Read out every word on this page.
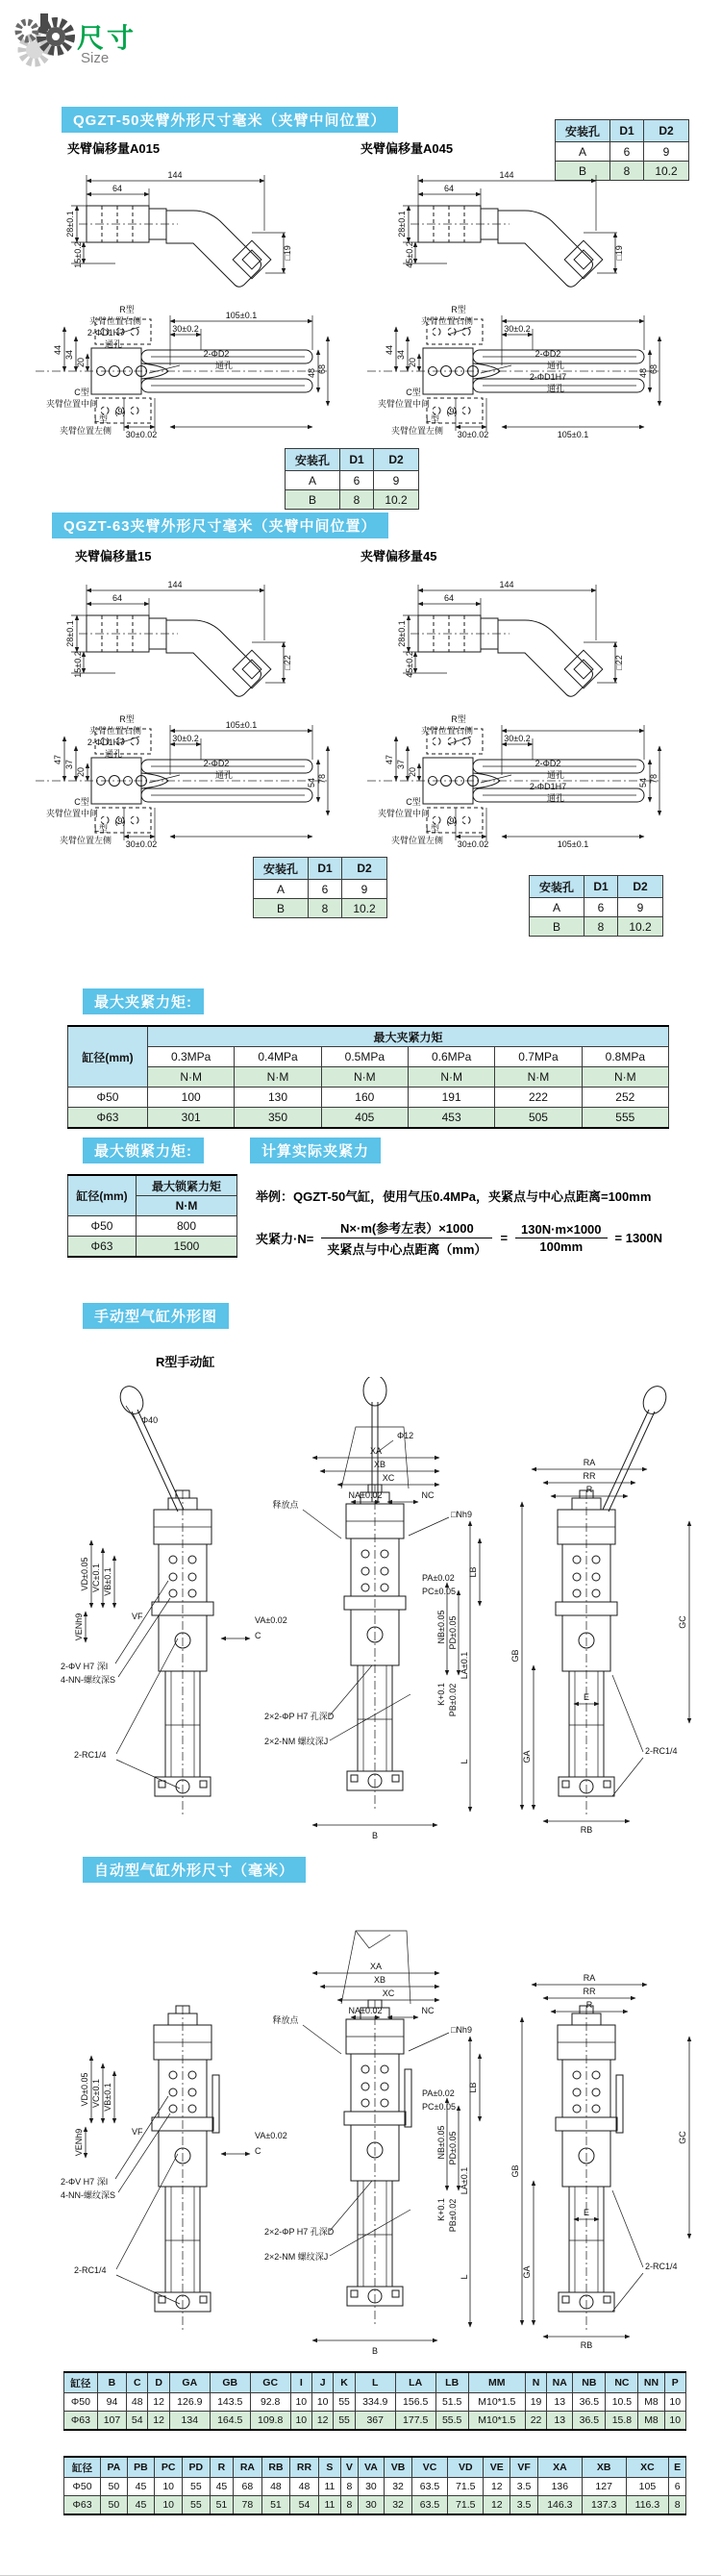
尺寸
Size
QGZT-50夹臂外形尺寸毫米（夹臂中间位置）
安装孔	D1	D2
A	6	9
B	8	10.2
夹臂偏移量A015	夹臂偏移量A045
144
64
28±0.1
15±0.2	□19
R型
夹臂位置右侧
2-ΦD1H7
通孔
105±0.1
30±0.2
44 34
20
2-ΦD2
通孔
C型
夹臂位置中间
(9)
L型
夹臂位置左侧 30±0.02
48 68
144
64
28±0.1
45±0.2	□19
R型
夹臂位置右侧
30±0.2
44 34
20
2-ΦD2
通孔
2-ΦD1H7
通孔
C型
夹臂位置中间
(9)
L型
夹臂位置左侧 30±0.02	105±0.1
48 68
安装孔	D1	D2
A	6	9
B	8	10.2
QGZT-63夹臂外形尺寸毫米（夹臂中间位置）
夹臂偏移量15	夹臂偏移量45
144
64
28±0.1
15±0.2	□22
R型
夹臂位置右侧
2-ΦD1H7
通孔
105±0.1
30±0.2
47 37
20
2-ΦD2
通孔
C型
夹臂位置中间
(9)
L型
夹臂位置左侧 30±0.02
54 78
144
64
28±0.1
45±0.2	□22
R型
夹臂位置右侧
30±0.2
47 37
20
2-ΦD2
通孔
2-ΦD1H7
通孔
C型
夹臂位置中间
(9)
L型
夹臂位置左侧 30±0.02	105±0.1
54 78
安装孔	D1	D2
A	6	9
B	8	10.2
安装孔	D1	D2
A	6	9
B	8	10.2
最大夹紧力矩:
缸径(mm)	最大夹紧力矩					
	0.3MPa	0.4MPa	0.5MPa	0.6MPa	0.7MPa	0.8MPa
	N·M	N·M	N·M	N·M	N·M	N·M
Φ50	100	130	160	191	222	252
Φ63	301	350	405	453	505	555
最大锁紧力矩:	计算实际夹紧力
缸径(mm)	最大锁紧力矩
	N·M
Φ50	800
Φ63	1500
举例：QGZT-50气缸，使用气压0.4MPa，夹紧点与中心点距离=100mm
夹紧力$\cdot N= \frac{\text{N×·m(参考左表）×1000}}{\text{夹紧点与中心点距离（mm）}} = \frac{130N\cdot m\times 1000}{100mm} = 1300N$
手动型气缸外形图
R型手动缸
Φ40
Φ12
XA
XB
XC
NA±0.02	NC
□Nh9
释放点
RA
RR
R
LB
VD±0.05 VC±0.1 VB±0.1
VENh9	VF	VA±0.02
C
2-ΦV H7 深I
4-NN-螺纹深S
2-RC1/4
2×2-ΦP H7 孔深D
2×2-NM 螺纹深J
PA±0.02
PC±0.05
NB±0.05 PD±0.05
K+0.1 PB±0.02
LA±0.1
L
B
GB
GC
GA
E
RB
2-RC1/4
自动型气缸外形尺寸（毫米）
XA
XB
XC
NA±0.02	NC
□Nh9
释放点
RA
RR
R
LB
VD±0.05 VC±0.1 VB±0.1
VENh9	VF	VA±0.02
C
2-ΦV H7 深I
4-NN-螺纹深S
2-RC1/4
2×2-ΦP H7 孔深D
2×2-NM 螺纹深J
PA±0.02
PC±0.05
NB±0.05 PD±0.05
K+0.1 PB±0.02
LA±0.1
L
B
GB
GC
GA
E
RB
2-RC1/4
缸径	B	C	D	GA	GB	GC	I	J	K	L	LA	LB	MM	N	NA	NB	NC	NN	P
Φ50	94	48	12	126.9	143.5	92.8	10	10	55	334.9	156.5	51.5	M10*1.5	19	13	36.5	10.5	M8	10
Φ63	107	54	12	134	164.5	109.8	10	12	55	367	177.5	55.5	M10*1.5	22	13	36.5	15.8	M8	10
缸径	PA	PB	PC	PD	R	RA	RB	RR	S	V	VA	VB	VC	VD	VE	VF	XA	XB	XC	E
Φ50	50	45	10	55	45	68	48	48	11	8	30	32	63.5	71.5	12	3.5	136	127	105	6
Φ63	50	45	10	55	51	78	51	54	11	8	30	32	63.5	71.5	12	3.5	146.3	137.3	116.3	8
